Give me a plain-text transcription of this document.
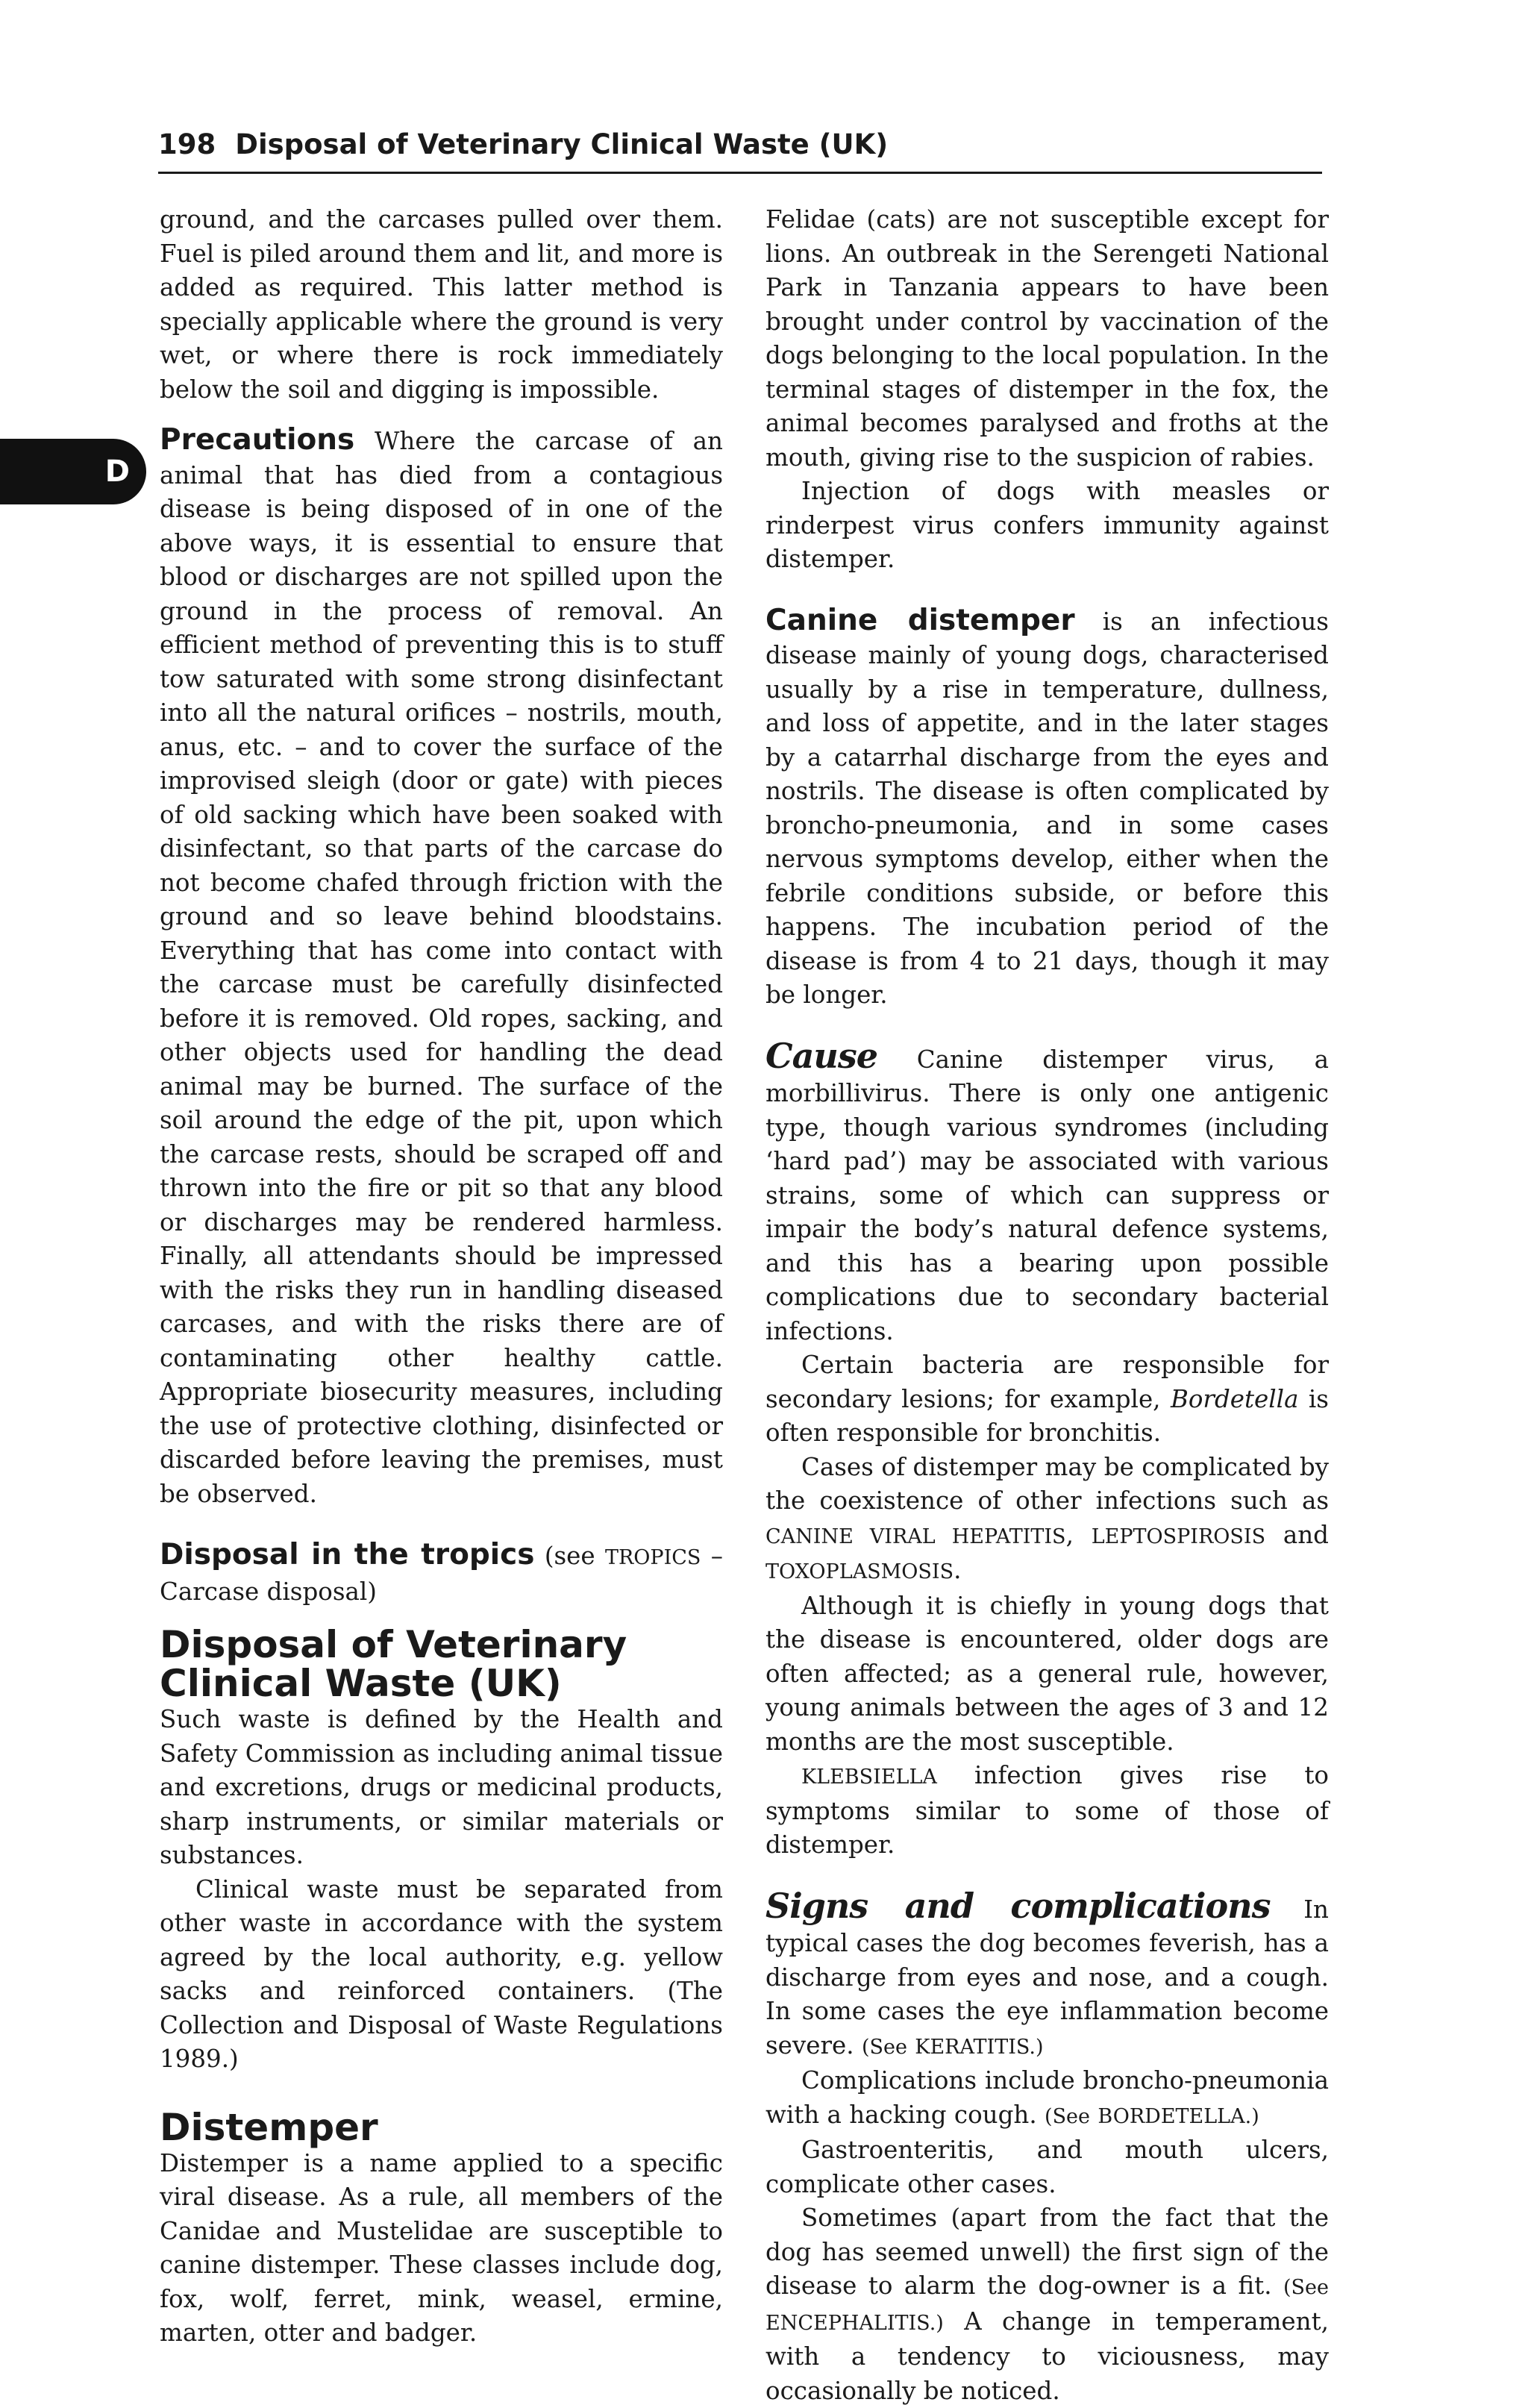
198 Disposal of Veterinary Clinical Waste (UK)
D

ground, and the carcases pulled over them. Fuel is piled around them and lit, and more is added as required. This latter method is specially applicable where the ground is very wet, or where there is rock immediately below the soil and digging is impossible.

Precautions Where the carcase of an animal that has died from a contagious disease is being disposed of in one of the above ways, it is essential to ensure that blood or discharges are not spilled upon the ground in the process of removal. An efficient method of preventing this is to stuff tow saturated with some strong disinfectant into all the natural orifices – nostrils, mouth, anus, etc. – and to cover the surface of the improvised sleigh (door or gate) with pieces of old sacking which have been soaked with disinfectant, so that parts of the carcase do not become chafed through friction with the ground and so leave behind bloodstains. Everything that has come into contact with the carcase must be carefully disinfected before it is removed. Old ropes, sacking, and other objects used for handling the dead animal may be burned. The surface of the soil around the edge of the pit, upon which the carcase rests, should be scraped off and thrown into the fire or pit so that any blood or discharges may be rendered harmless. Finally, all attendants should be impressed with the risks they run in handling diseased carcases, and with the risks there are of contaminating other healthy cattle. Appropriate biosecurity measures, including the use of protective clothing, disinfected or discarded before leaving the premises, must be observed.

Disposal in the tropics (see TROPICS – Carcase disposal)

Disposal of Veterinary Clinical Waste (UK)

Such waste is defined by the Health and Safety Commission as including animal tissue and excretions, drugs or medicinal products, sharp instruments, or similar materials or substances.

Clinical waste must be separated from other waste in accordance with the system agreed by the local authority, e.g. yellow sacks and reinforced containers. (The Collection and Disposal of Waste Regulations 1989.)

Distemper

Distemper is a name applied to a specific viral disease. As a rule, all members of the Canidae and Mustelidae are susceptible to canine distemper. These classes include dog, fox, wolf, ferret, mink, weasel, ermine, marten, otter and badger.

Felidae (cats) are not susceptible except for lions. An outbreak in the Serengeti National Park in Tanzania appears to have been brought under control by vaccination of the dogs belonging to the local population. In the terminal stages of distemper in the fox, the animal becomes paralysed and froths at the mouth, giving rise to the suspicion of rabies.

Injection of dogs with measles or rinderpest virus confers immunity against distemper.

Canine distemper is an infectious disease mainly of young dogs, characterised usually by a rise in temperature, dullness, and loss of appetite, and in the later stages by a catarrhal discharge from the eyes and nostrils. The disease is often complicated by broncho-pneumonia, and in some cases nervous symptoms develop, either when the febrile conditions subside, or before this happens. The incubation period of the disease is from 4 to 21 days, though it may be longer.

Cause Canine distemper virus, a morbillivirus. There is only one antigenic type, though various syndromes (including ‘hard pad’) may be associated with various strains, some of which can suppress or impair the body’s natural defence systems, and this has a bearing upon possible complications due to secondary bacterial infections.

Certain bacteria are responsible for secondary lesions; for example, Bordetella is often responsible for bronchitis.

Cases of distemper may be complicated by the coexistence of other infections such as CANINE VIRAL HEPATITIS, LEPTOSPIROSIS and TOXOPLASMOSIS.

Although it is chiefly in young dogs that the disease is encountered, older dogs are often affected; as a general rule, however, young animals between the ages of 3 and 12 months are the most susceptible.

KLEBSIELLA infection gives rise to symptoms similar to some of those of distemper.

Signs and complications In typical cases the dog becomes feverish, has a discharge from eyes and nose, and a cough. In some cases the eye inflammation become severe. (See KERATITIS.)

Complications include broncho-pneumonia with a hacking cough. (See BORDETELLA.)

Gastroenteritis, and mouth ulcers, complicate other cases.

Sometimes (apart from the fact that the dog has seemed unwell) the first sign of the disease to alarm the dog-owner is a fit. (See ENCEPHALITIS.) A change in temperament, with a tendency to viciousness, may occasionally be noticed.
